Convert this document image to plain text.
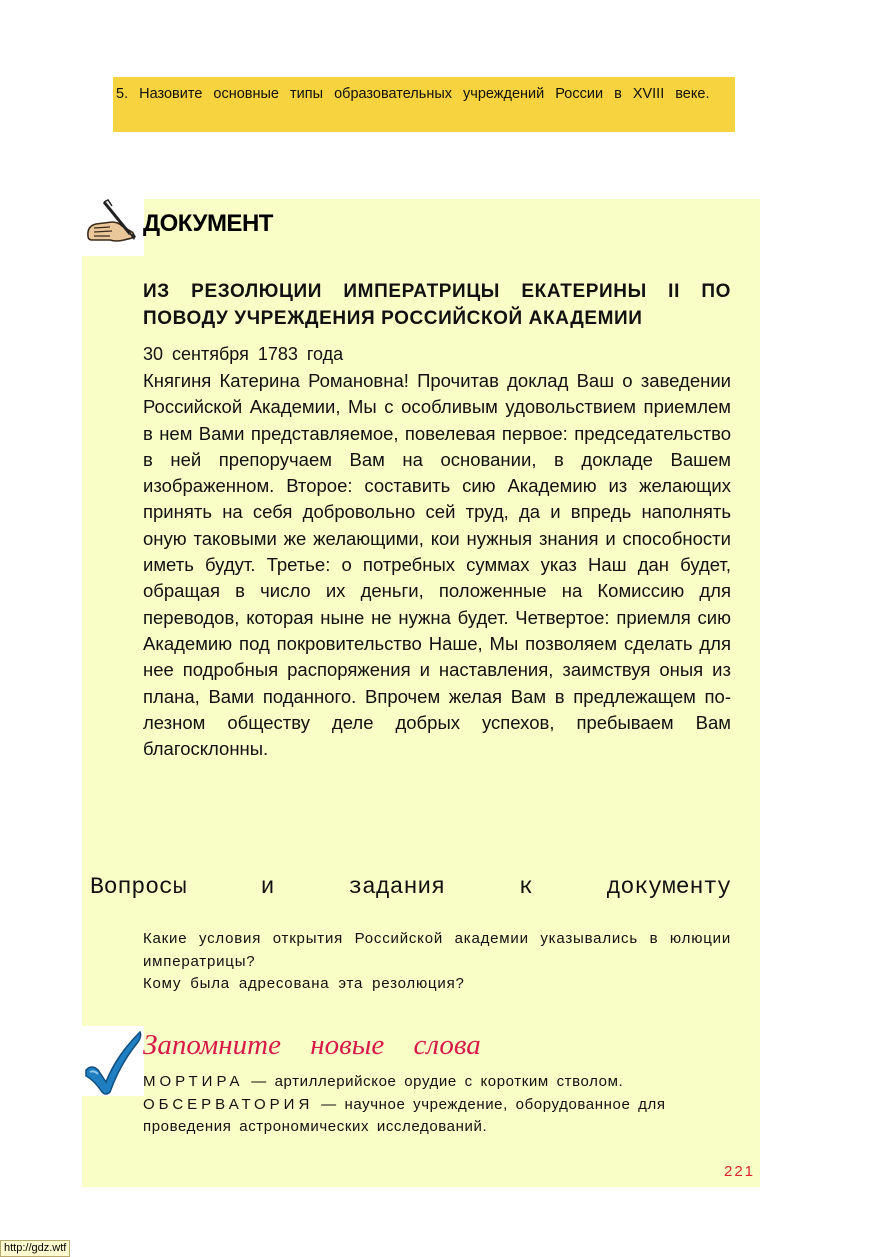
5. Назовите основные типы образовательных учреждений России в XVIII веке.
ДОКУМЕНТ
ИЗ РЕЗОЛЮЦИИ ИМПЕРАТРИЦЫ ЕКАТЕРИНЫ II ПО ПОВОДУ УЧРЕЖДЕНИЯ РОССИЙСКОЙ АКАДЕМИИ
30 сентября 1783 года
Княгиня Катерина Романовна! Прочитав доклад Ваш о заведении Российской Академии, Мы с особливым удовольствием приемлем в нем Вами представляемое, повелевая первое: председательство в ней препоручаем Вам на основании, в докладе Вашем изображенном. Второе: составить сию Академию из желающих принять на себя добровольно сей труд, да и впредь наполнять оную таковыми же желающими, кои нужныя знания и способности иметь будут. Третье: о потребных суммах указ Наш дан будет, обращая в число их деньги, положенные на Комиссию для переводов, которая ныне не нужна будет. Четвертое: приемля сию Академию под покровительство Наше, Мы позволяем сделать для нее подробныя распоряжения и наставления, заимствуя оныя из плана, Вами поданного. Впрочем желая Вам в предлежащем полезном обществу деле добрых успехов, пребываем Вам благосклонны.
Вопросы	и	задания	к	документу
Какие условия открытия Российской академии указывались в юлюции императрицы?
Кому была адресована эта резолюция?
Запомните новые слова
МОРТИРА — артиллерийское орудие с коротким стволом.
ОБСЕРВАТОРИЯ — научное учреждение, оборудованное для проведения астрономических исследований.
221
http://gdz.wtf
